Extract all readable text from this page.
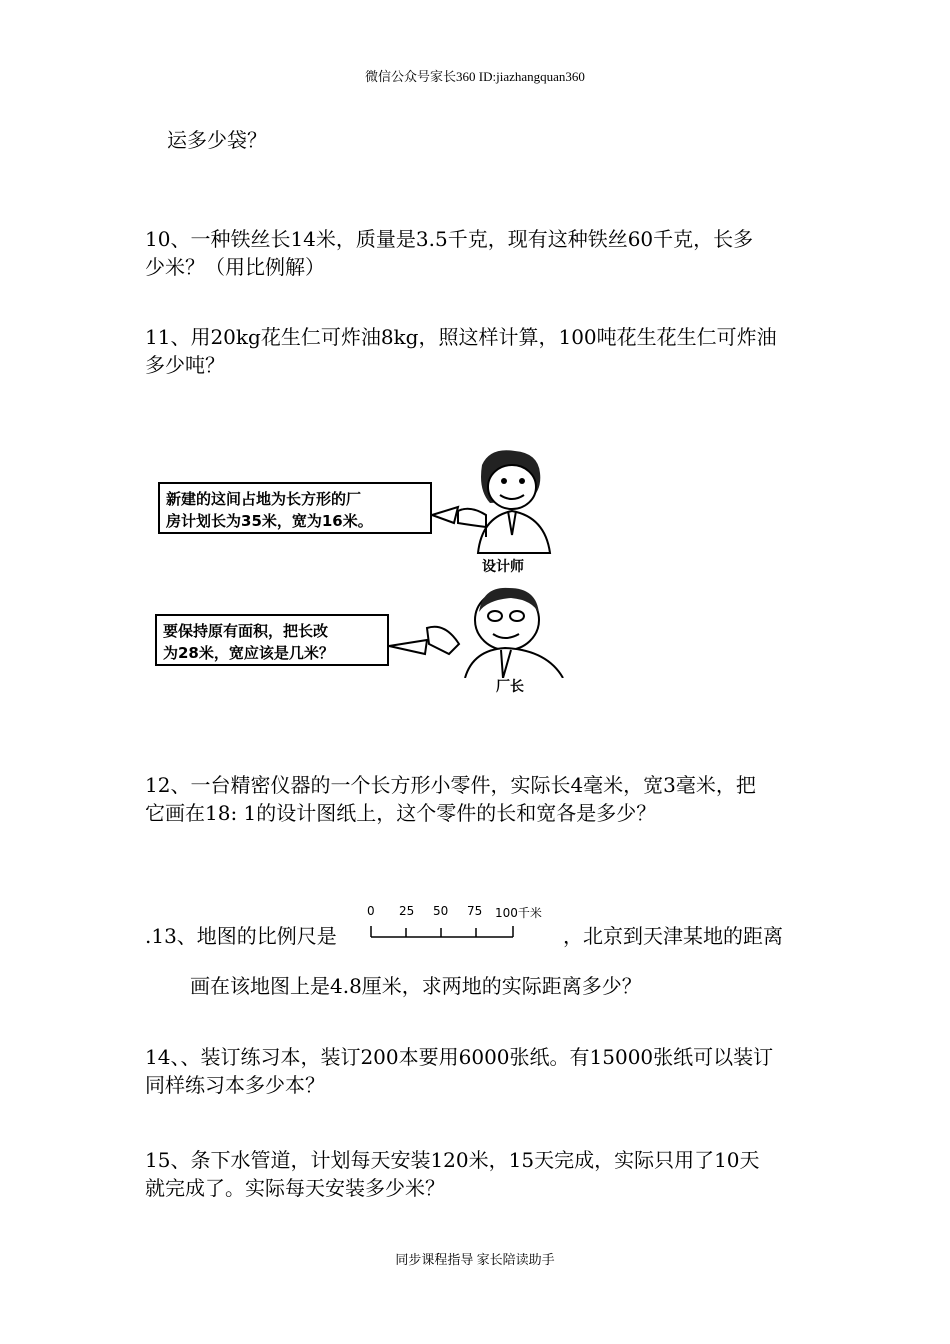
微信公众号家长360 ID:jiazhangquan360
运多少袋？
10、一种铁丝长14米，质量是3.5千克，现有这种铁丝60千克，长多
少米？（用比例解）
11、用20kg花生仁可炸油8kg，照这样计算，100吨花生花生仁可炸油
多少吨？
新建的这间占地为长方形的厂
房计划长为35米，宽为16米。
设计师
要保持原有面积，把长改
为28米，宽应该是几米？
厂长
12、一台精密仪器的一个长方形小零件，实际长4毫米，宽3毫米，把
它画在18: 1的设计图纸上，这个零件的长和宽各是多少？
.13、地图的比例尺是
0 25 50 75 100千米
，北京到天津某地的距离
画在该地图上是4.8厘米，求两地的实际距离多少？
14、、装订练习本，装订200本要用6000张纸。有15000张纸可以装订
同样练习本多少本？
15、条下水管道，计划每天安装120米，15天完成，实际只用了10天
就完成了。实际每天安装多少米？
同步课程指导 家长陪读助手
